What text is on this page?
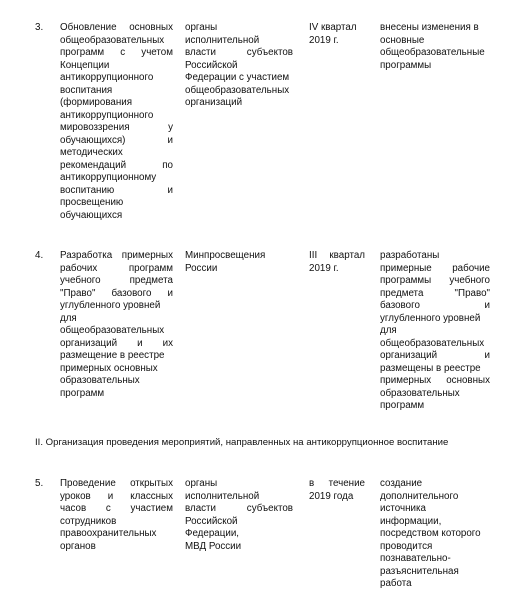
3. Обновление основных
общеобразовательных
программ с учетом
Концепции
антикоррупционного
воспитания
(формирования
антикоррупционного
мировоззрения у
обучающихся) и
методических
рекомендаций по
антикоррупционному
воспитанию и
просвещению
обучающихся
органы
исполнительной
власти субъектов
Российской
Федерации с участием
общеобразовательных
организаций
IV квартал
2019 г.
внесены изменения в
основные
общеобразовательные
программы

4. Разработка примерных
рабочих программ
учебного предмета
"Право" базового и
углубленного уровней
для
общеобразовательных
организаций и их
размещение в реестре
примерных основных
образовательных
программ
Минпросвещения
России
III квартал
2019 г.
разработаны
примерные рабочие
программы учебного
предмета "Право"
базового и
углубленного уровней
для
общеобразовательных
организаций и
размещены в реестре
примерных основных
образовательных
программ

II. Организация проведения мероприятий, направленных на антикоррупционное воспитание

5. Проведение открытых
уроков и классных
часов с участием
сотрудников
правоохранительных
органов
органы
исполнительной
власти субъектов
Российской
Федерации,
МВД России
в течение
2019 года
создание
дополнительного
источника
информации,
посредством которого
проводится
познавательно-
разъяснительная
работа
